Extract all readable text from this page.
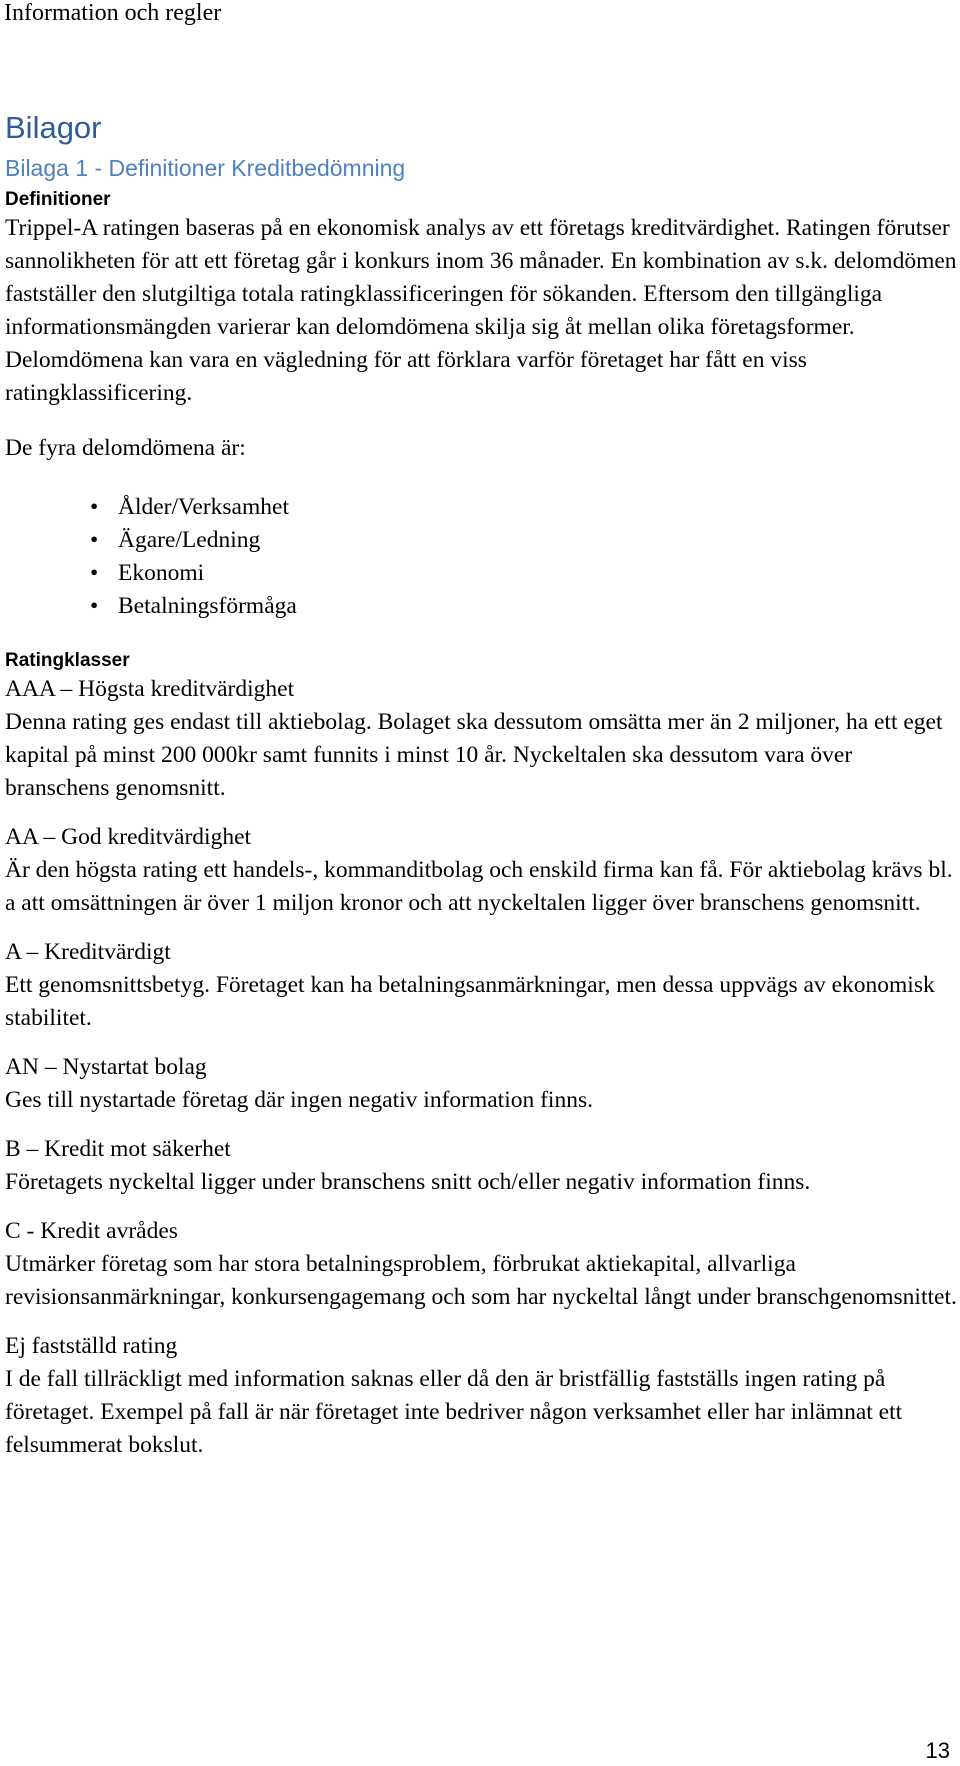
Information och regler
Bilagor
Bilaga 1 - Definitioner Kreditbedömning
Definitioner

Trippel-A ratingen baseras på en ekonomisk analys av ett företags kreditvärdighet. Ratingen förutser sannolikheten för att ett företag går i konkurs inom 36 månader. En kombination av s.k. delomdömen fastställer den slutgiltiga totala ratingklassificeringen för sökanden. Eftersom den tillgängliga informationsmängden varierar kan delomdömena skilja sig åt mellan olika företagsformer. Delomdömena kan vara en vägledning för att förklara varför företaget har fått en viss ratingklassificering.

De fyra delomdömena är:

• Ålder/Verksamhet
• Ägare/Ledning
• Ekonomi
• Betalningsförmåga
Ratingklasser

AAA – Högsta kreditvärdighet

Denna rating ges endast till aktiebolag. Bolaget ska dessutom omsätta mer än 2 miljoner, ha ett eget kapital på minst 200 000kr samt funnits i minst 10 år. Nyckeltalen ska dessutom vara över branschens genomsnitt.

AA – God kreditvärdighet

Är den högsta rating ett handels-, kommanditbolag och enskild firma kan få. För aktiebolag krävs bl. a att omsättningen är över 1 miljon kronor och att nyckeltalen ligger över branschens genomsnitt.

A – Kreditvärdigt

Ett genomsnittsbetyg. Företaget kan ha betalningsanmärkningar, men dessa uppvägs av ekonomisk stabilitet.

AN – Nystartat bolag

Ges till nystartade företag där ingen negativ information finns.

B – Kredit mot säkerhet

Företagets nyckeltal ligger under branschens snitt och/eller negativ information finns.

C - Kredit avrådes

Utmärker företag som har stora betalningsproblem, förbrukat aktiekapital, allvarliga revisionsanmärkningar, konkursengagemang och som har nyckeltal långt under branschgenomsnittet.

Ej fastställd rating

I de fall tillräckligt med information saknas eller då den är bristfällig fastställs ingen rating på företaget. Exempel på fall är när företaget inte bedriver någon verksamhet eller har inlämnat ett felsummerat bokslut.

13
